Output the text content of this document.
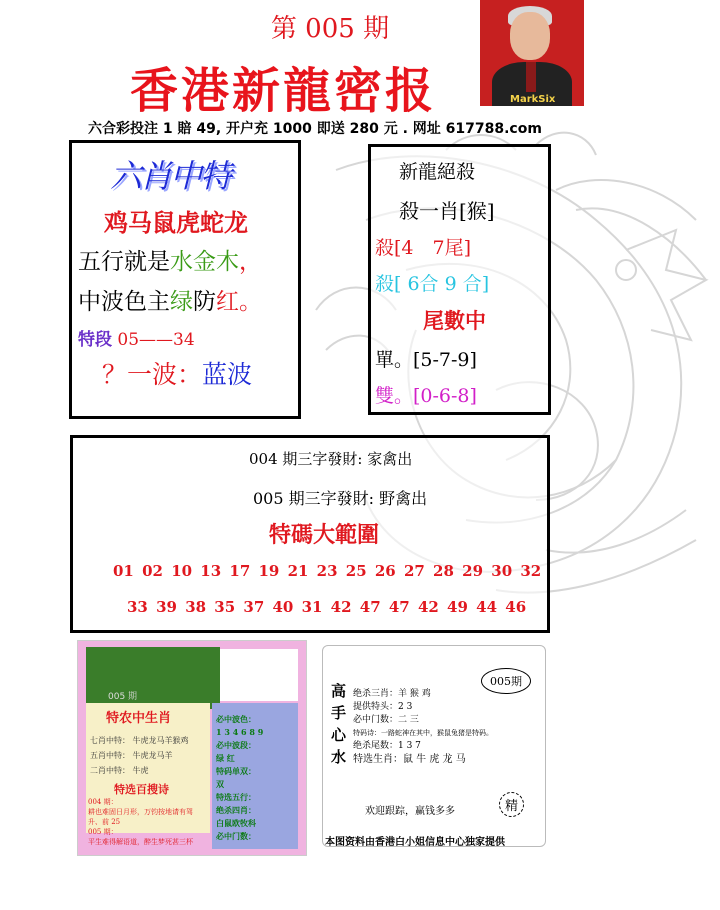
第 005 期
香港新龍密报	MarkSix
六合彩投注 1 賠 49, 开户充 1000 即送 280 元 . 网址 617788.com
六肖中特
鸡马鼠虎蛇龙
五行就是水金木，
中波色主绿防红。
特段 05——34
？一波：蓝波
新龍絕殺
殺一肖[猴]
殺[4　7尾]
殺[ 6合 9 合]
尾數中
單。[5-7-9]
雙。[0-6-8]
004 期三字發財: 家禽出
005 期三字發財: 野禽出
特碼大範圍
01 02 10 13 17 19 21 23 25 26 27 28 29 30 32
33 39 38 35 37 40 31 42 47 47 42 49 44 46
005 期
特农中生肖
七肖中特： 牛虎龙马羊猴鸡
五肖中特： 牛虎龙马羊
二肖中特： 牛虎
特选百搜诗
004 期：
耕也难固日月形，万钧按地请有驾
升、前 25
005 期：
平生难得解语道，醉生梦死甚三杯
必中波色：
1 3 4 6 8 9
必中波段：
绿 红
特码单双：
双
特选五行：
绝杀四肖：
白鼠欧牧科
必中门数：
高
手
心
水
005期
绝杀三肖：羊 猴 鸡
提供特头：2 3
必中门数：二 三
特码诗：一路蛇神在其中，猴鼠兔猪是特码。
绝杀尾数：1 3 7
特选生肖：鼠 牛 虎 龙 马
欢迎跟踪，赢钱多多	精
本图资料由香港白小姐信息中心独家提供
